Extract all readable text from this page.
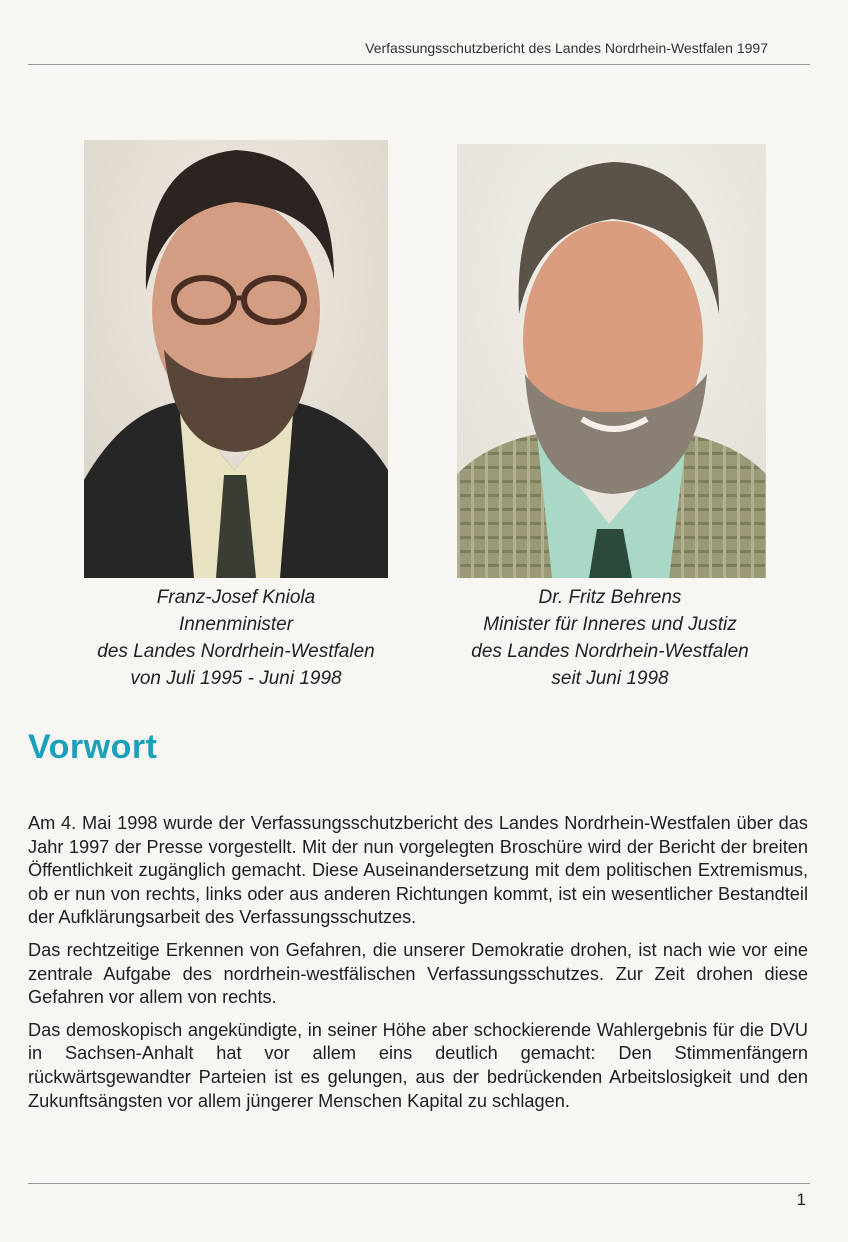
Verfassungsschutzbericht des Landes Nordrhein-Westfalen 1997
Franz-Josef Kniola
Innenminister
des Landes Nordrhein-Westfalen
von Juli 1995 - Juni 1998
Dr. Fritz Behrens
Minister für Inneres und Justiz
des Landes Nordrhein-Westfalen
seit Juni 1998
Vorwort

Am 4. Mai 1998 wurde der Verfassungsschutzbericht des Landes Nordrhein-Westfalen über das Jahr 1997 der Presse vorgestellt. Mit der nun vorgelegten Broschüre wird der Bericht der breiten Öffentlichkeit zugänglich gemacht. Diese Auseinandersetzung mit dem politischen Extremismus, ob er nun von rechts, links oder aus anderen Richtungen kommt, ist ein wesentlicher Bestandteil der Aufklärungsarbeit des Verfassungsschutzes.

Das rechtzeitige Erkennen von Gefahren, die unserer Demokratie drohen, ist nach wie vor eine zentrale Aufgabe des nordrhein-westfälischen Verfassungsschutzes. Zur Zeit drohen diese Gefahren vor allem von rechts.

Das demoskopisch angekündigte, in seiner Höhe aber schockierende Wahlergebnis für die DVU in Sachsen-Anhalt hat vor allem eins deutlich gemacht: Den Stimmenfängern rückwärtsgewandter Parteien ist es gelungen, aus der bedrückenden Arbeitslosigkeit und den Zukunftsängsten vor allem jüngerer Menschen Kapital zu schlagen.

1
